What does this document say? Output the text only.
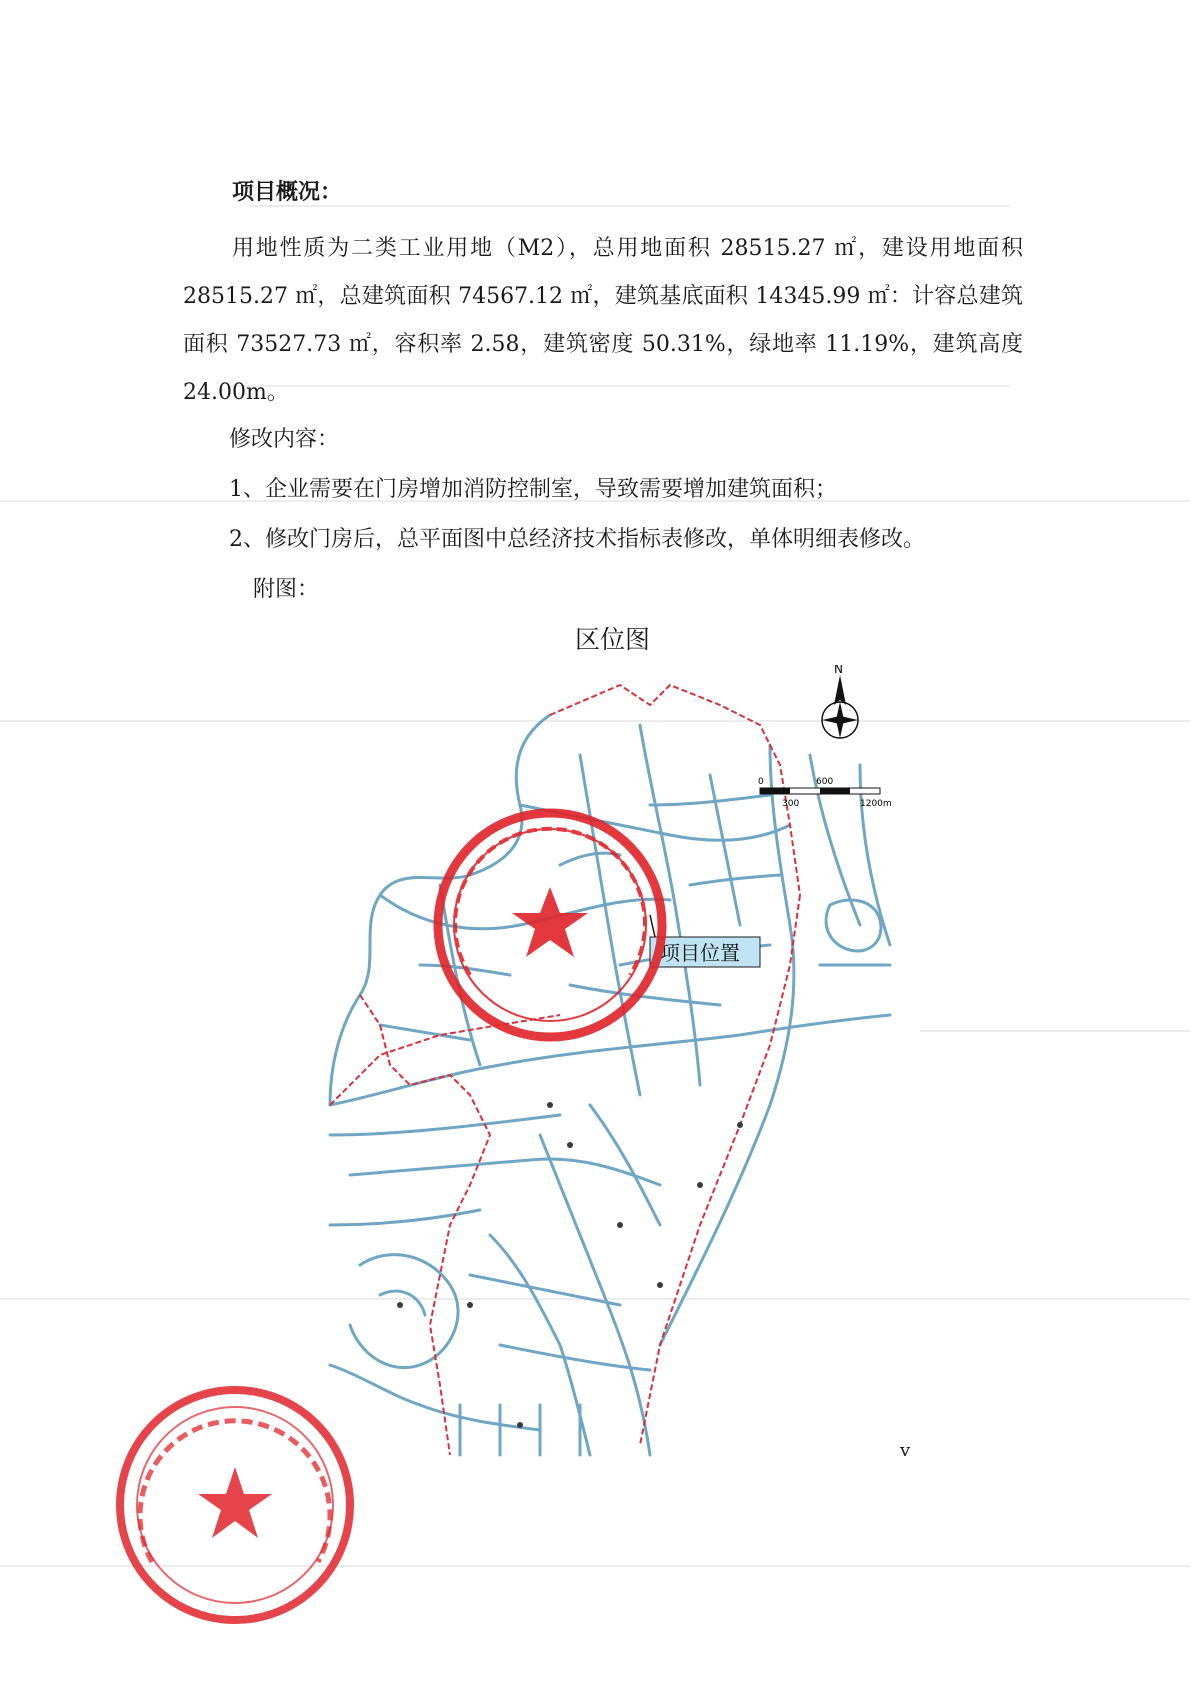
项目概况：
用地性质为二类工业用地（M2），总用地面积 28515.27 ㎡，建设用地面积 28515.27 ㎡，总建筑面积 74567.12 ㎡，建筑基底面积 14345.99 ㎡：计容总建筑面积 73527.73 ㎡，容积率 2.58，建筑密度 50.31%，绿地率 11.19%，建筑高度 24.00m。
修改内容：
1、企业需要在门房增加消防控制室，导致需要增加建筑面积；
2、修改门房后，总平面图中总经济技术指标表修改，单体明细表修改。
附图：
区位图
N
0	600
300	1200m
项目位置
v
